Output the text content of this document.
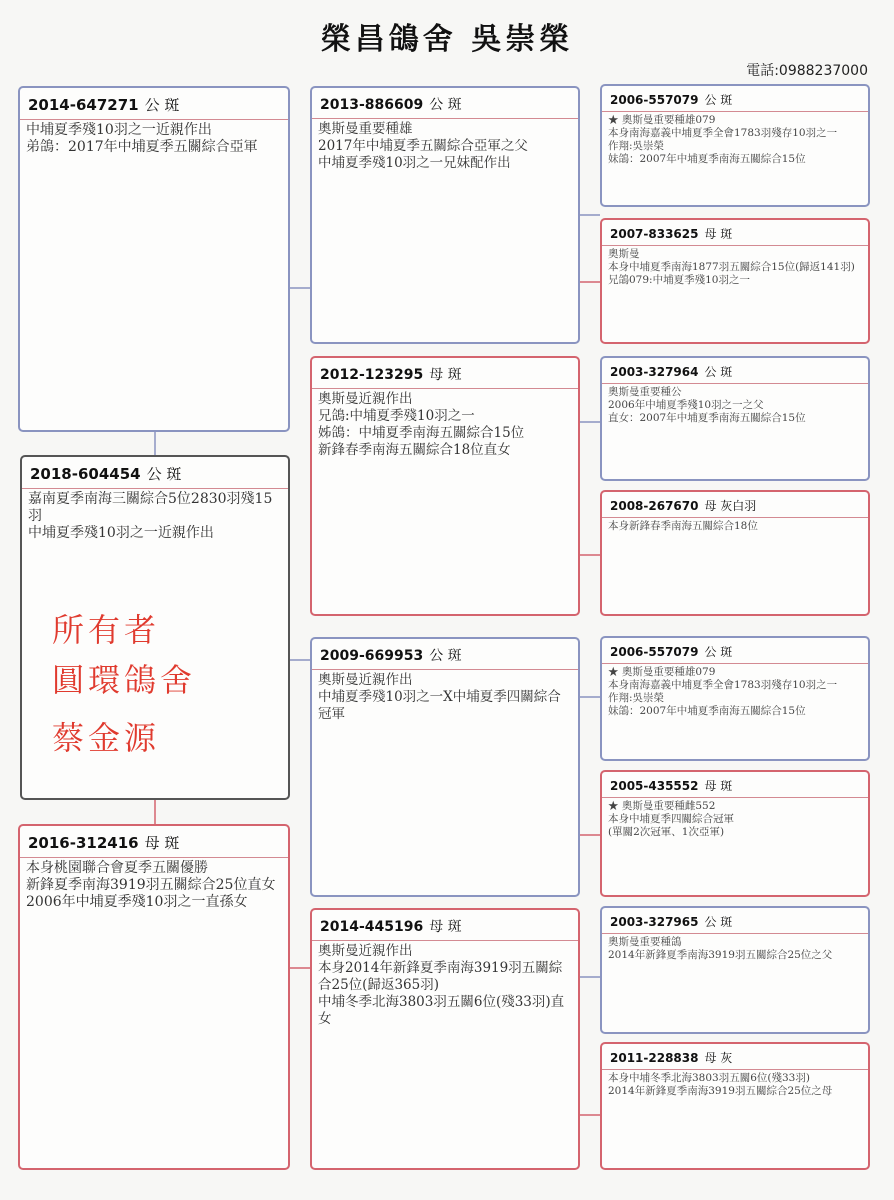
榮昌鴿舍 吳崇榮
電話:0988237000
2014-647271 公 斑
中埔夏季殘10羽之一近親作出
弟鴿：2017年中埔夏季五關綜合亞軍
2018-604454 公 斑
嘉南夏季南海三關綜合5位2830羽殘15羽
中埔夏季殘10羽之一近親作出
所有者
圓環鴿舍
蔡金源
2016-312416 母 斑
本身桃園聯合會夏季五關優勝
新鋒夏季南海3919羽五關綜合25位直女
2006年中埔夏季殘10羽之一直孫女
2013-886609 公 斑
奧斯曼重要種雄
2017年中埔夏季五關綜合亞軍之父
中埔夏季殘10羽之一兄妹配作出
2012-123295 母 斑
奧斯曼近親作出
兄鴿:中埔夏季殘10羽之一
姊鴿：中埔夏季南海五關綜合15位
新鋒春季南海五關綜合18位直女
2009-669953 公 斑
奧斯曼近親作出
中埔夏季殘10羽之一X中埔夏季四關綜合冠軍
2014-445196 母 斑
奧斯曼近親作出
本身2014年新鋒夏季南海3919羽五關綜合25位(歸返365羽)
中埔冬季北海3803羽五關6位(殘33羽)直女
2006-557079 公 斑
★ 奧斯曼重要種雄079
本身南海嘉義中埔夏季全會1783羽殘存10羽之一
作翔:吳崇榮
妹鴿：2007年中埔夏季南海五關綜合15位
2007-833625 母 斑
奧斯曼
本身中埔夏季南海1877羽五關綜合15位(歸返141羽)
兄鴿079:中埔夏季殘10羽之一
2003-327964 公 斑
奧斯曼重要種公
2006年中埔夏季殘10羽之一之父
直女：2007年中埔夏季南海五關綜合15位
2008-267670 母 灰白羽
本身新鋒春季南海五關綜合18位
2006-557079 公 斑
★ 奧斯曼重要種雄079
本身南海嘉義中埔夏季全會1783羽殘存10羽之一
作翔:吳崇榮
妹鴿：2007年中埔夏季南海五關綜合15位
2005-435552 母 斑
★ 奧斯曼重要種雌552
本身中埔夏季四關綜合冠軍
(單關2次冠軍、1次亞軍)
2003-327965 公 斑
奧斯曼重要種鴿
2014年新鋒夏季南海3919羽五關綜合25位之父
2011-228838 母 灰
本身中埔冬季北海3803羽五關6位(殘33羽)
2014年新鋒夏季南海3919羽五關綜合25位之母
